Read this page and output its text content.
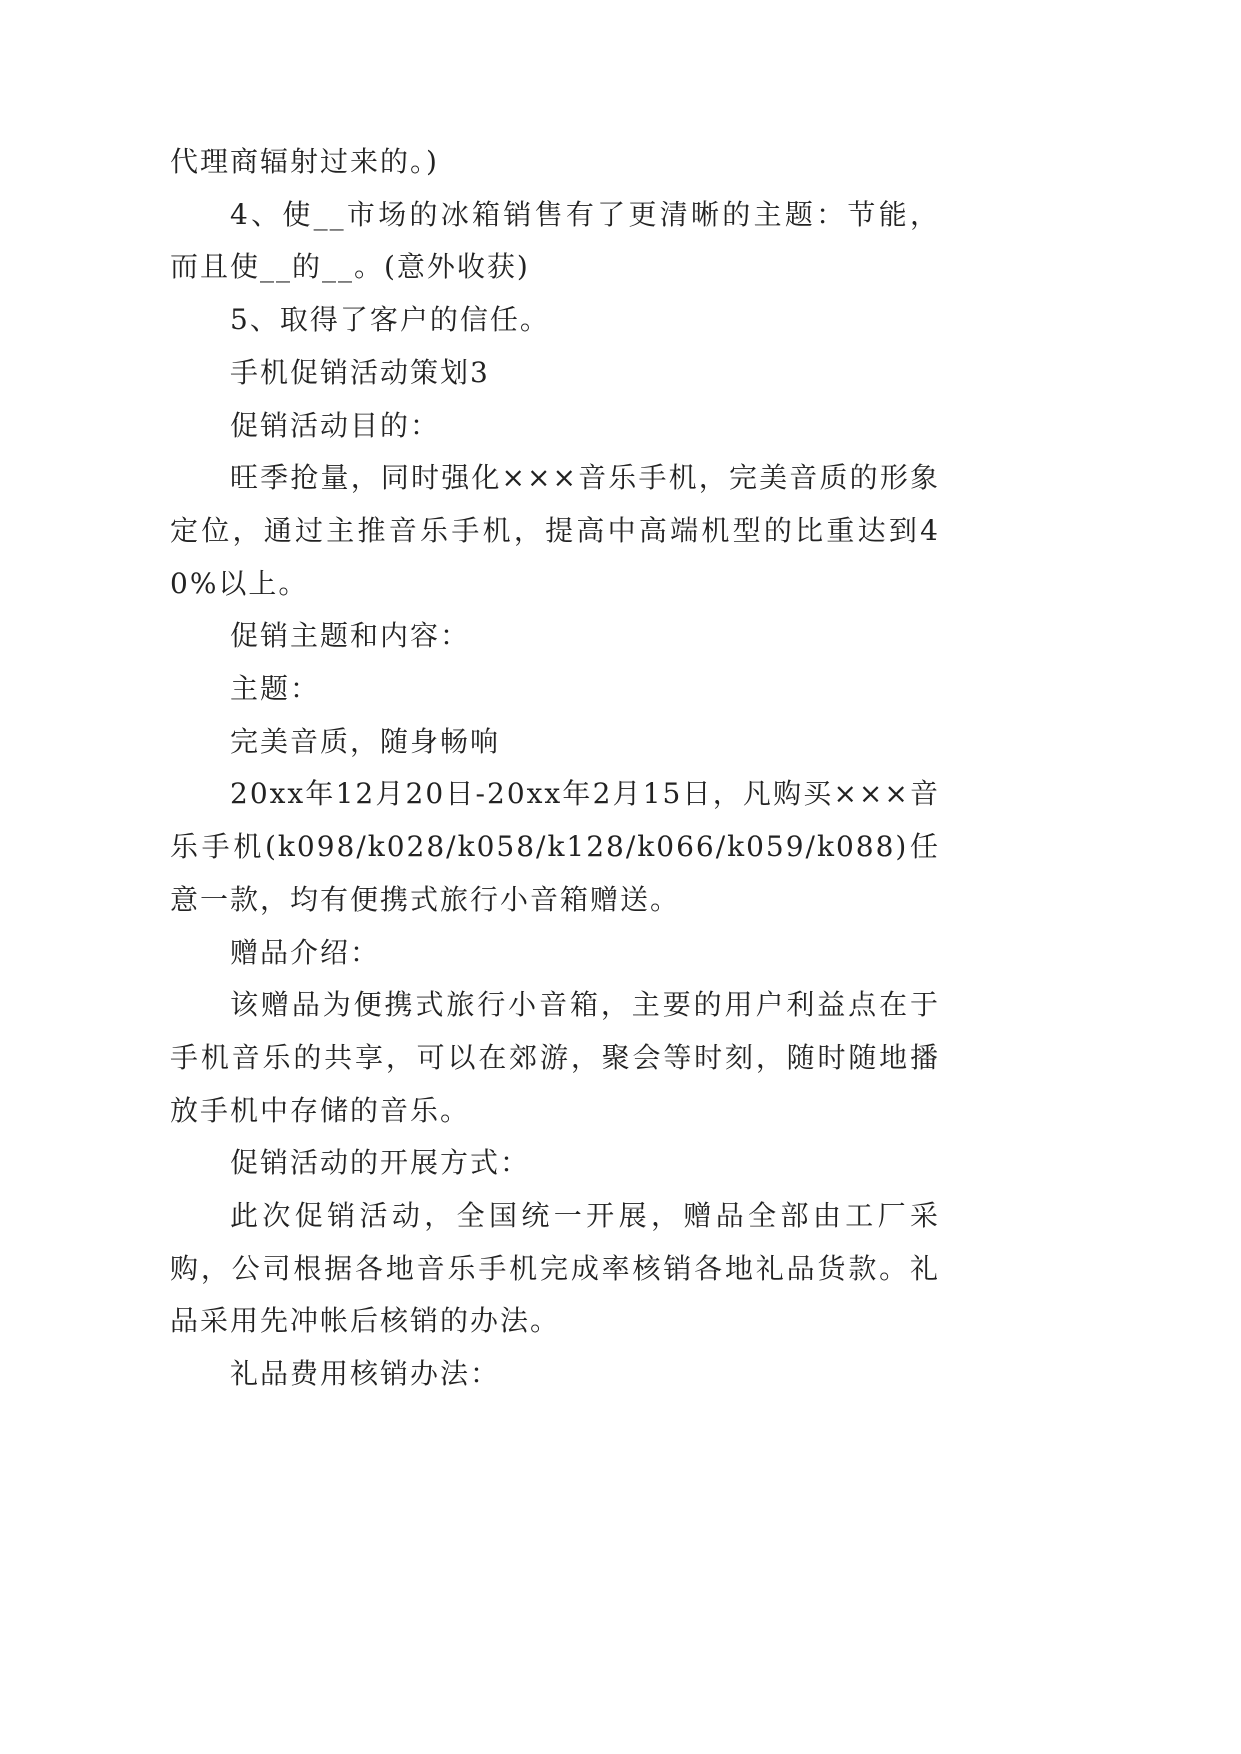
代理商辐射过来的。)

4、使__市场的冰箱销售有了更清晰的主题：节能，而且使__的__。(意外收获)

5、取得了客户的信任。

手机促销活动策划3

促销活动目的：

旺季抢量，同时强化×××音乐手机，完美音质的形象定位，通过主推音乐手机，提高中高端机型的比重达到40%以上。

促销主题和内容：

主题：

完美音质，随身畅响

20xx年12月20日-20xx年2月15日，凡购买×××音乐手机(k098/k028/k058/k128/k066/k059/k088)任意一款，均有便携式旅行小音箱赠送。

赠品介绍：

该赠品为便携式旅行小音箱，主要的用户利益点在于手机音乐的共享，可以在郊游，聚会等时刻，随时随地播放手机中存储的音乐。

促销活动的开展方式：

此次促销活动，全国统一开展，赠品全部由工厂采购，公司根据各地音乐手机完成率核销各地礼品货款。礼品采用先冲帐后核销的办法。

礼品费用核销办法：
